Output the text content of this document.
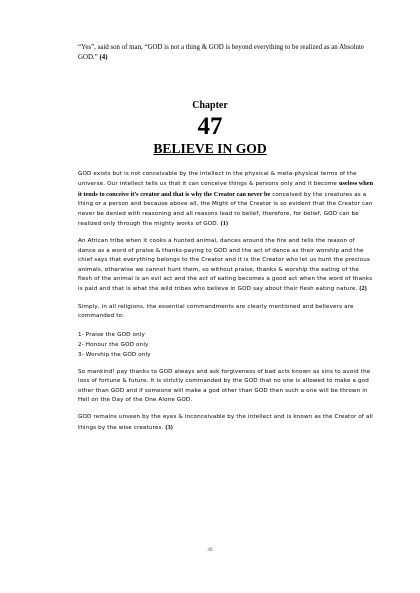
“Yes”, said son of man, “GOD is not a thing & GOD is beyond everything to be realized as an Absolute GOD.” (4)

Chapter
47
BELIEVE IN GOD

GOD exists but is not conceivable by the intellect in the physical & meta-physical terms of the universe. Our intellect tells us that it can conceive things & persons only and it become useless when it tends to conceive it’s creator and that is why the Creator can never be conceived by the creatures as a thing or a person and because above all, the Might of the Creator is so evident that the Creator can never be denied with reasoning and all reasons lead to belief, therefore, for belief, GOD can be realized only through the mighty works of GOD. (1)

An African tribe when it cooks a hunted animal, dances around the fire and tells the reason of dance as a word of praise & thanks-paying to GOD and the act of dance as their worship and the chief says that everything belongs to the Creator and it is the Creator who let us hunt the precious animals, otherwise we cannot hunt them, so without praise, thanks & worship the eating of the flesh of the animal is an evil act and the act of eating becomes a good act when the word of thanks is paid and that is what the wild tribes who believe in GOD say about their flesh eating nature. (2)

Simply, in all religions, the essential commandments are clearly mentioned and believers are commanded to:

1- Praise the GOD only
2- Honour the GOD only
3- Worship the GOD only

So mankind! pay thanks to GOD always and ask forgiveness of bad acts known as sins to avoid the loss of fortune & future. It is strictly commanded by the GOD that no one is allowed to make a god other than GOD and if someone will make a god other than GOD then such a one will be thrown in Hell on the Day of the One Alone GOD.

GOD remains unseen by the eyes & inconceivable by the intellect and is known as the Creator of all things by the wise creatures. (3)

49
